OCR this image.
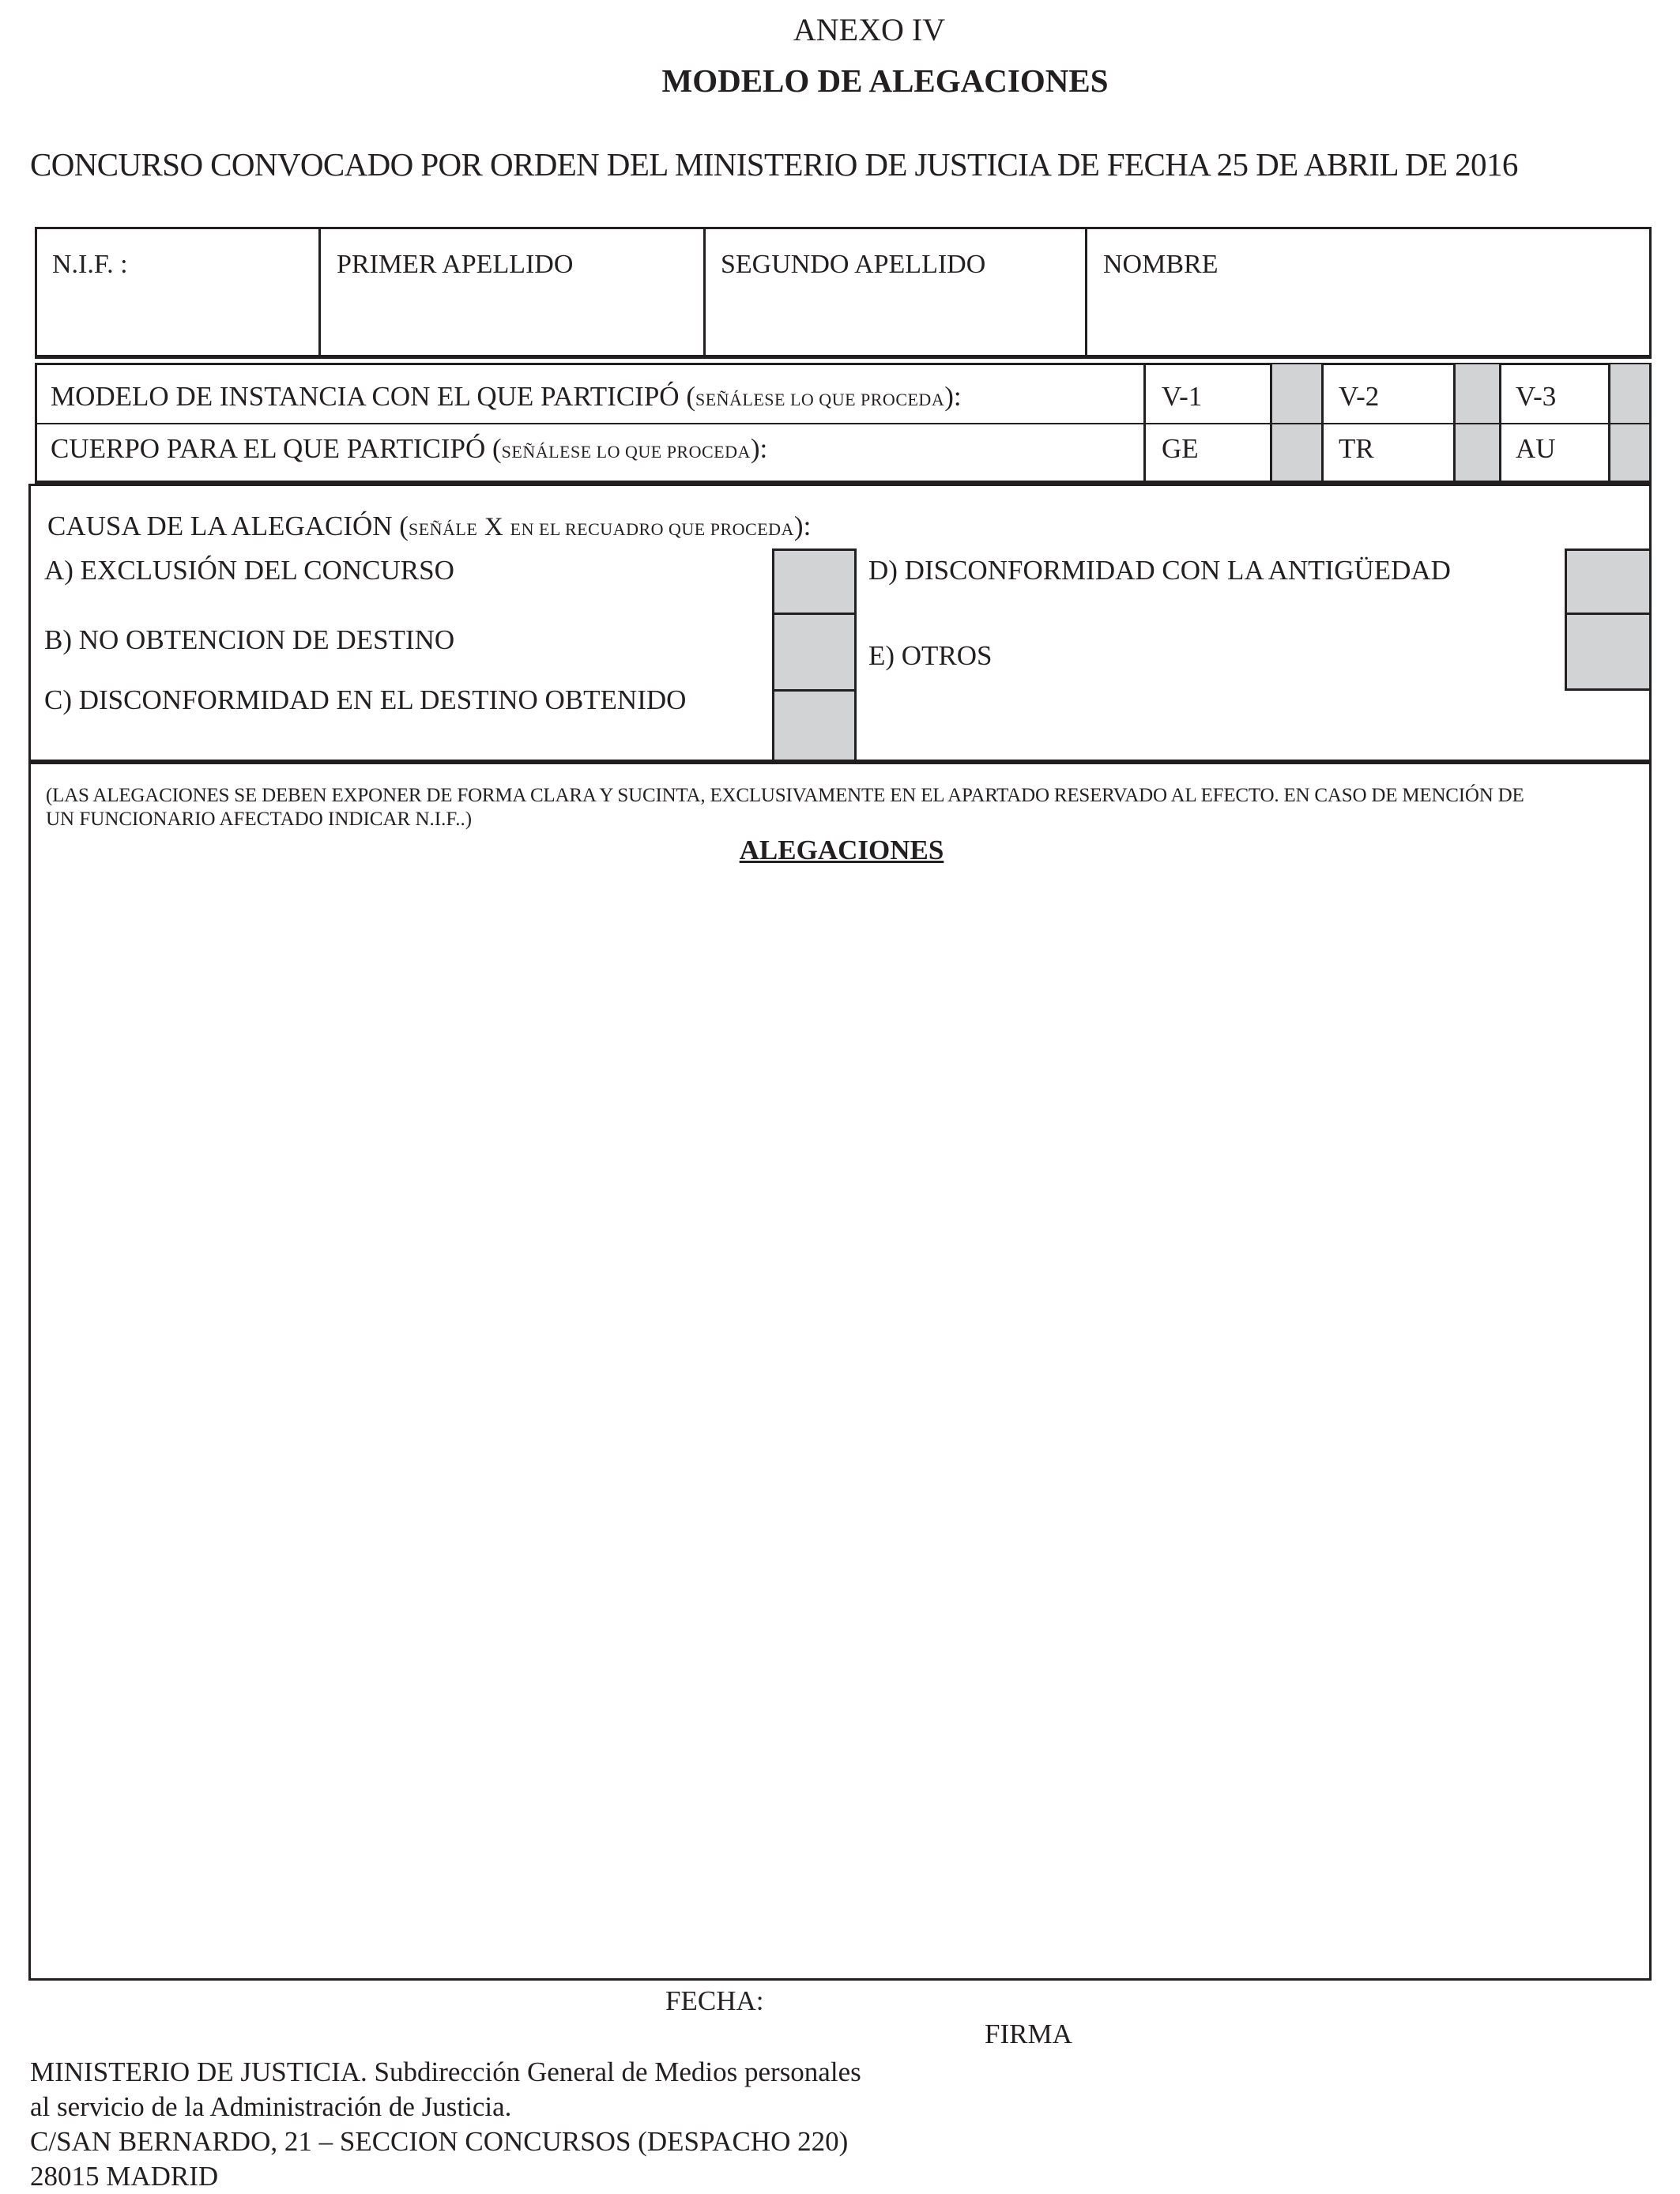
ANEXO IV
MODELO DE ALEGACIONES
CONCURSO CONVOCADO POR ORDEN DEL MINISTERIO DE JUSTICIA DE FECHA 25 DE ABRIL DE 2016
N.I.F. :	PRIMER APELLIDO	SEGUNDO APELLIDO	NOMBRE
MODELO DE INSTANCIA CON EL QUE PARTICIPÓ (SEÑÁLESE LO QUE PROCEDA):	V-1	V-2	V-3
CUERPO PARA EL QUE PARTICIPÓ (SEÑÁLESE LO QUE PROCEDA):	GE	TR	AU
CAUSA DE LA ALEGACIÓN (SEÑÁLE X EN EL RECUADRO QUE PROCEDA):
A) EXCLUSIÓN DEL CONCURSO
B) NO OBTENCION DE DESTINO
C) DISCONFORMIDAD EN EL DESTINO OBTENIDO
D) DISCONFORMIDAD CON LA ANTIGÜEDAD
E) OTROS
(LAS ALEGACIONES SE DEBEN EXPONER DE FORMA CLARA Y SUCINTA, EXCLUSIVAMENTE EN EL APARTADO RESERVADO AL EFECTO. EN CASO DE MENCIÓN DE
UN FUNCIONARIO AFECTADO INDICAR N.I.F..)
ALEGACIONES
FECHA:
FIRMA
MINISTERIO DE JUSTICIA. Subdirección General de Medios personales
al servicio de la Administración de Justicia.
C/SAN BERNARDO, 21 – SECCION CONCURSOS (DESPACHO 220)
28015 MADRID
